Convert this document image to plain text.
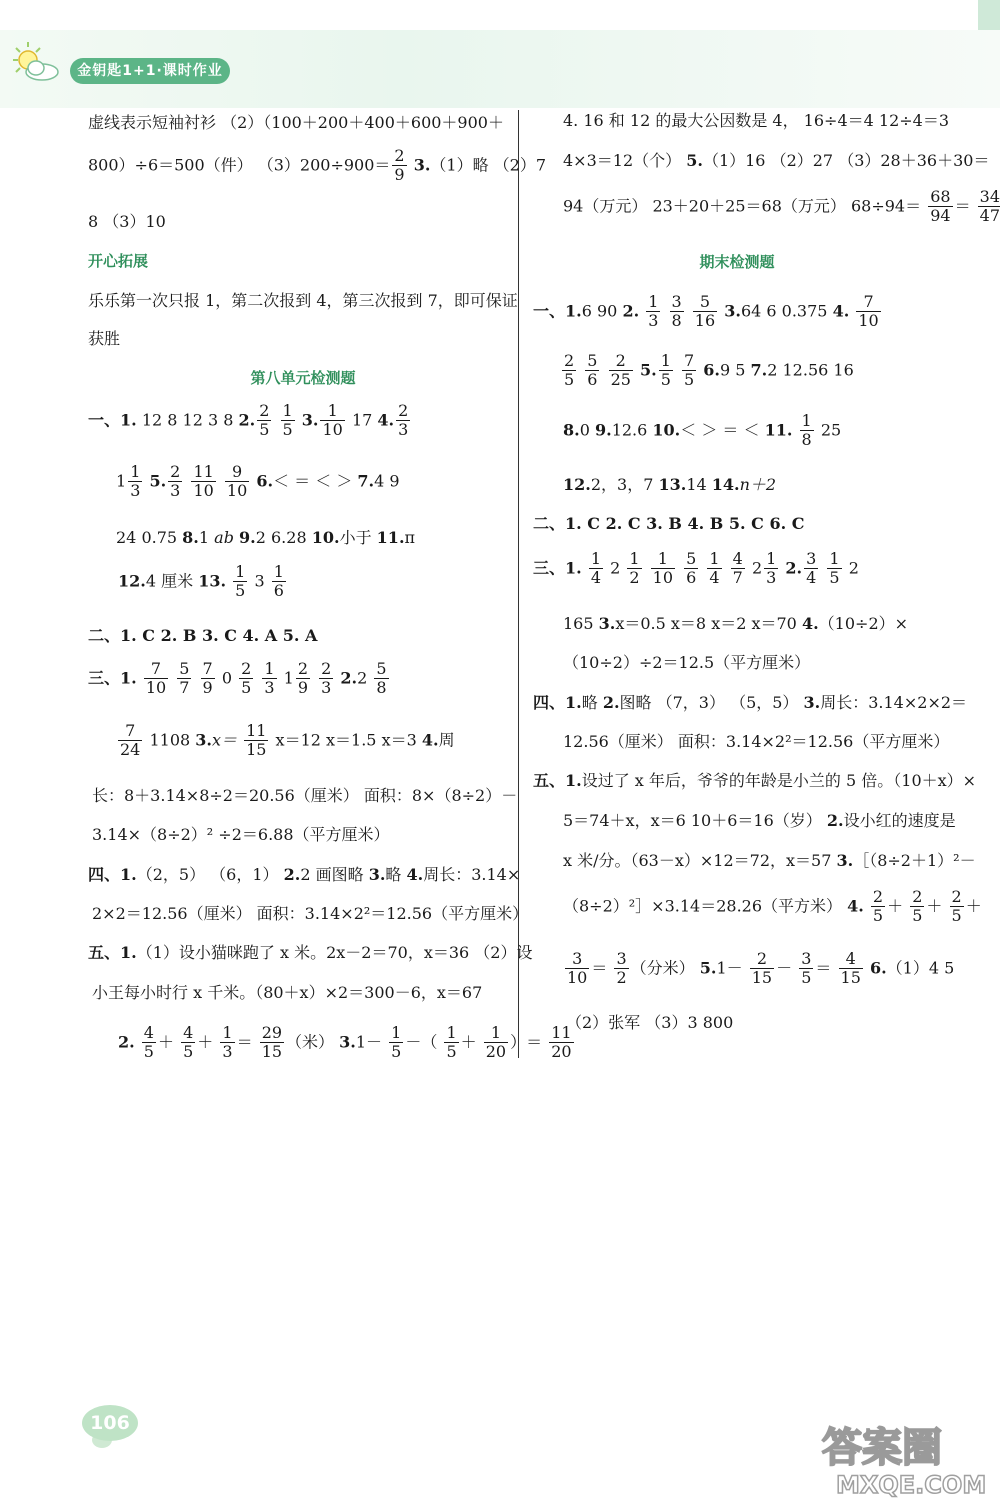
金钥匙1+1·课时作业
虚线表示短袖衬衫 （2）（100＋200＋400＋600＋900＋
800）÷6＝500（件） $(3)200\div 900= \frac{2}{9} 3.(1)$略 （2）7
8 （3）10
开心拓展
乐乐第一次只报 1，第二次报到 4，第三次报到 7，即可保证
获胜
第八单元检测题
一、1. 12 8 12 3 8 2. $\frac{2}{5}$
$\frac{1}{5} 3$. $\frac{1}{10} 17$ 4. $\frac{2}{3}$
$1 \frac{1}{3} 5$. $\frac{2}{3}$
$\frac{11}{10}$
$\frac{9}{10} 6.<$ ＝ ＜ ＞ 7.4 9
24 0.75 8.1 ab 9.2 6.28 10.小于 11.π
12.4 厘米 13. $\frac{1}{5} 3 \frac{1}{6}$
二、1. C 2. B 3. C 4. A 5. A
三、1. $\frac{7}{10}$
$\frac{5}{7}$
$\frac{7}{9} 0 \frac{2}{5}$
$\frac{1}{3} 1 \frac{2}{9}$
$\frac{2}{3} 2.2 \frac{5}{8}$
$\frac{7}{24} 1108$ $3.x= \frac{11}{15} x=12$ x＝1.5 x＝3 4.周
长：8＋3.14×8÷2＝20.56（厘米） 面积：8×（8÷2）－
3.14×（8÷2）² ÷2＝6.88（平方厘米）
四、1.（2，5） （6，1） 2.2 画图略 3.略 4.周长：3.14×
2×2＝12.56（厘米） 面积：3.14×2²＝12.56（平方厘米）
五、1.（1）设小猫咪跑了 x 米。2x－2＝70，x＝36 （2）设
小王每小时行 x 千米。（80＋x）×2＝300－6，x＝67
2. $\frac{4}{5} + \frac{4}{5} + \frac{1}{3} = \frac{29}{15}$ （米） $3.1- \frac{1}{5}$ －（ $\frac{1}{5} + \frac{1}{20}$ ）＝ $\frac{11}{20}$
4. 16 和 12 的最大公因数是 4， 16÷4＝4 12÷4＝3
4×3＝12（个） 5.（1）16 （2）27 （3）28＋36＋30＝
94（万元） 23＋20＋25＝68（万元） $68\div 94= \frac{68}{94} = \frac{34}{47}$
期末检测题
一、1.6 90 2. $\frac{1}{3}$
$\frac{3}{8}$
$\frac{5}{16} 3.64$ 6 0.375 4. $\frac{7}{10}$
$\frac{2}{5}$
$\frac{5}{6}$
$\frac{2}{25} 5$. $\frac{1}{5}$
$\frac{7}{5} 6.9$ 5 7.2 12.56 16
8.0 9.12.6 10.＜ ＞ ＝ ＜ 11. $\frac{1}{8} 25$
12.2，3，7 13.14 14.n＋2
二、1. C 2. C 3. B 4. B 5. C 6. C
三、1. $\frac{1}{4} 2 \frac{1}{2}$
$\frac{1}{10}$
$\frac{5}{6}$
$\frac{1}{4}$
$\frac{4}{7} 2 \frac{1}{3} 2$. $\frac{3}{4}$
$\frac{1}{5} 2$
165 3.x＝0.5 x＝8 x＝2 x＝70 4.（10÷2）×
（10÷2）÷2＝12.5（平方厘米）
四、1.略 2.图略 （7，3） （5，5） 3.周长：3.14×2×2＝
12.56（厘米） 面积：3.14×2²＝12.56（平方厘米）
五、1.设过了 x 年后，爷爷的年龄是小兰的 5 倍。（10＋x）×
5＝74＋x，x＝6 10＋6＝16（岁） 2.设小红的速度是
x 米/分。（63－x）×12＝72，x＝57 3.［（8÷2＋1）²－
（8÷2）²］×3.14＝28.26（平方米） 4. $\frac{2}{5} + \frac{2}{5} + \frac{2}{5}$ ＋
$\frac{3}{10} = \frac{3}{2}$ （分米） $5.1- \frac{2}{15} - \frac{3}{5} = \frac{4}{15} 6.(1)4$ 5
（2）张军 （3）3 800
106
答案圈
MXQE.COM
